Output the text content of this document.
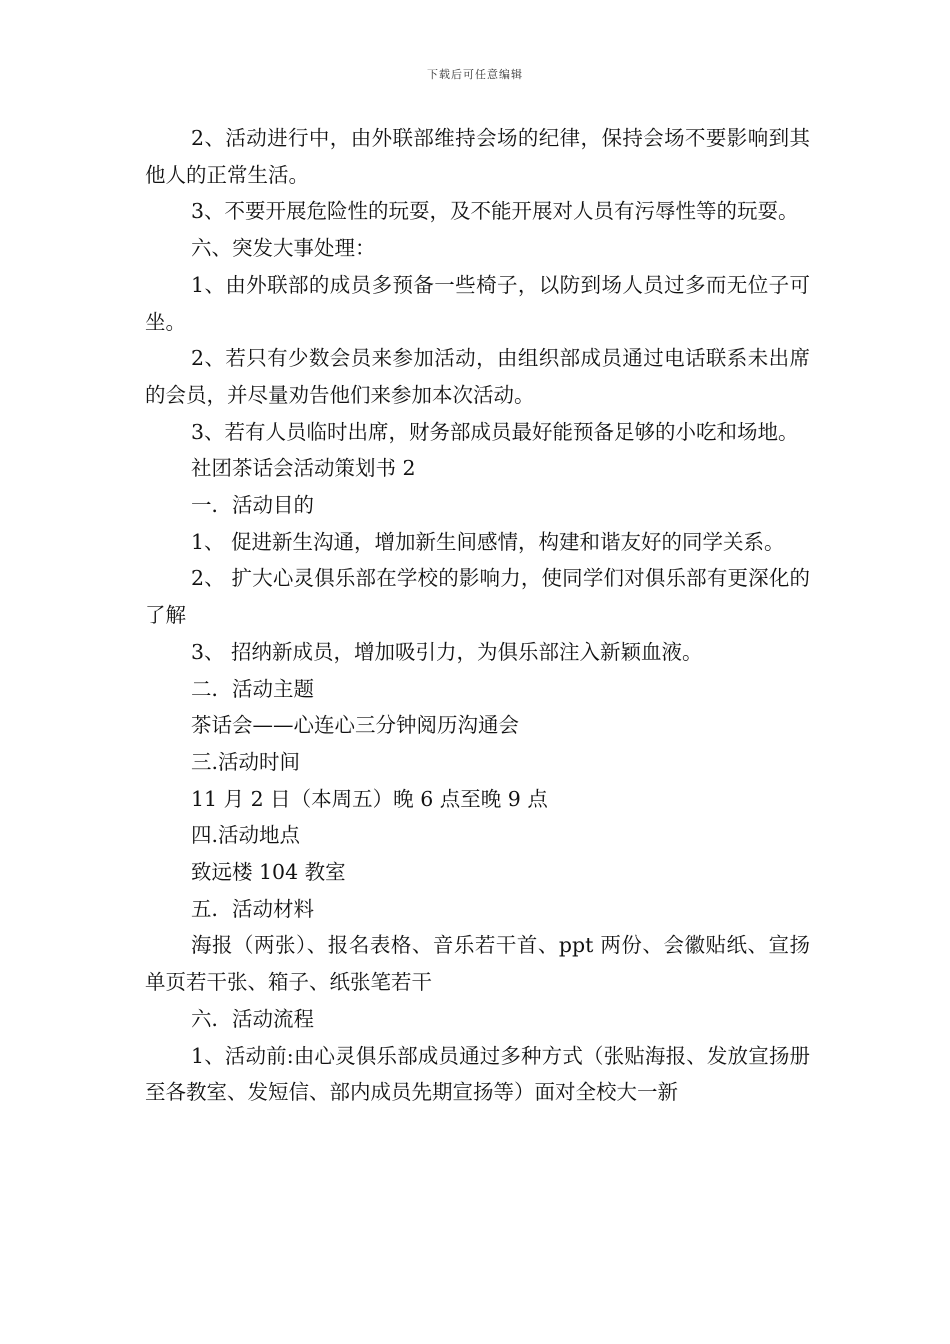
下载后可任意编辑

2、活动进行中，由外联部维持会场的纪律，保持会场不要影响到其他人的正常生活。

3、不要开展危险性的玩耍，及不能开展对人员有污辱性等的玩耍。

六、突发大事处理：

1、由外联部的成员多预备一些椅子，以防到场人员过多而无位子可坐。

2、若只有少数会员来参加活动，由组织部成员通过电话联系未出席的会员，并尽量劝告他们来参加本次活动。

3、若有人员临时出席，财务部成员最好能预备足够的小吃和场地。

社团茶话会活动策划书 2

一．活动目的

1、 促进新生沟通，增加新生间感情，构建和谐友好的同学关系。

2、 扩大心灵俱乐部在学校的影响力，使同学们对俱乐部有更深化的了解

3、 招纳新成员，增加吸引力，为俱乐部注入新颖血液。

二．活动主题

茶话会——心连心三分钟阅历沟通会

三.活动时间

11 月 2 日（本周五）晚 6 点至晚 9 点

四.活动地点

致远楼 104 教室

五．活动材料

海报（两张）、报名表格、音乐若干首、ppt 两份、会徽贴纸、宣扬单页若干张、箱子、纸张笔若干

六．活动流程

1、活动前:由心灵俱乐部成员通过多种方式（张贴海报、发放宣扬册至各教室、发短信、部内成员先期宣扬等）面对全校大一新
